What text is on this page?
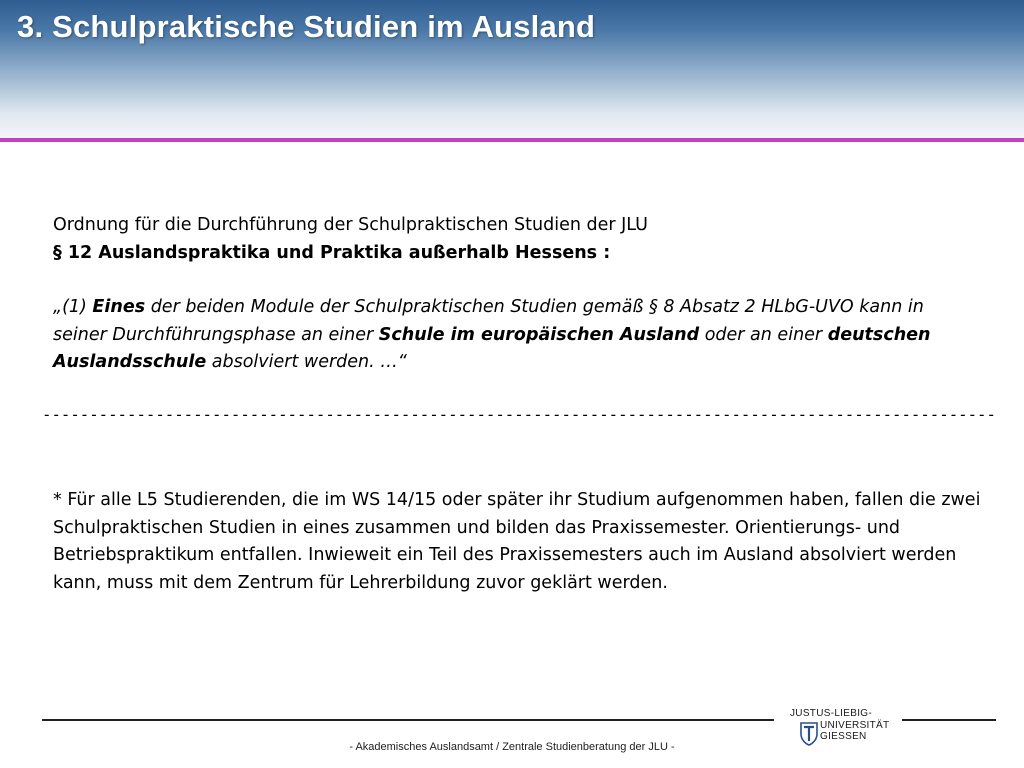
3. Schulpraktische Studien im Ausland
Ordnung für die Durchführung der Schulpraktischen Studien der JLU
§ 12 Auslandspraktika und Praktika außerhalb Hessens :
„(1) Eines der beiden Module der Schulpraktischen Studien gemäß § 8 Absatz 2 HLbG-UVO kann in seiner Durchführungsphase an einer Schule im europäischen Ausland oder an einer deutschen Auslandsschule absolviert werden. …“
-----------------------------------------------------------------------------------------------------
* Für alle L5 Studierenden, die im WS 14/15 oder später ihr Studium aufgenommen haben, fallen die zwei Schulpraktischen Studien in eines zusammen und bilden das Praxissemester. Orientierungs- und Betriebspraktikum entfallen. Inwieweit ein Teil des Praxissemesters auch im Ausland absolviert werden kann, muss mit dem Zentrum für Lehrerbildung zuvor geklärt werden.
JUSTUS-LIEBIG-
UNIVERSITÄT
GIESSEN
- Akademisches Auslandsamt / Zentrale Studienberatung der JLU -
